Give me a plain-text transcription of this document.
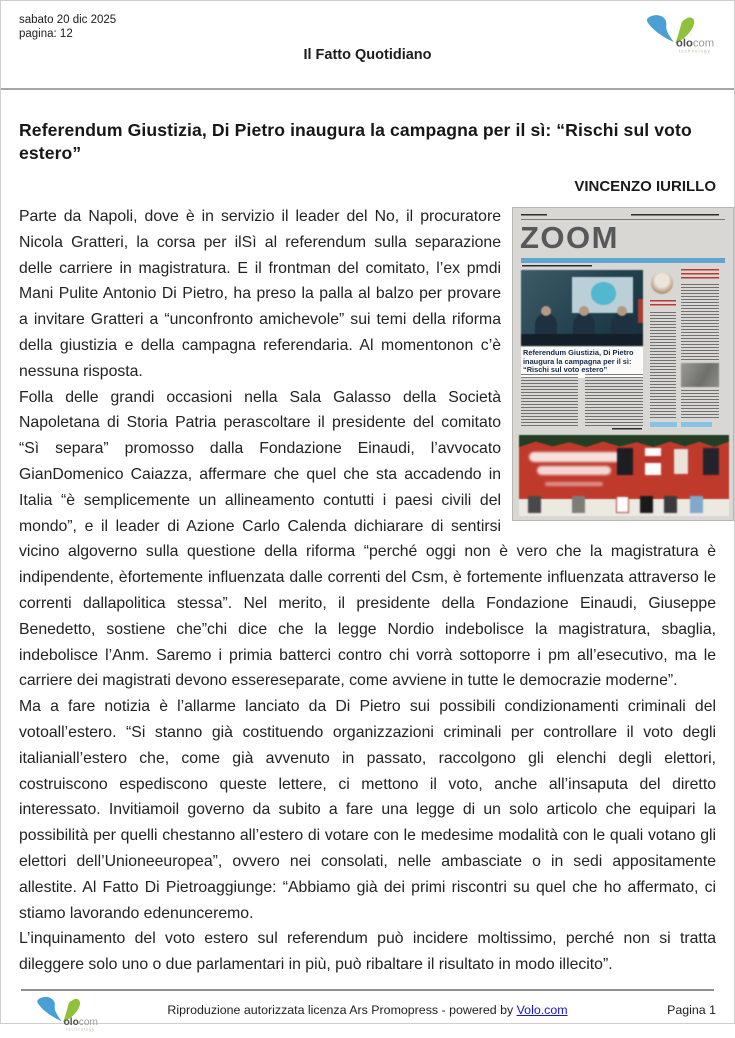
sabato 20 dic 2025
pagina: 12
Il Fatto Quotidiano
olocom
technology
Referendum Giustizia, Di Pietro inaugura la campagna per il sì: “Rischi sul voto estero”
VINCENZO IURILLO
ZOOM
Referendum Giustizia, Di Pietro inaugura la campagna per il sì: “Rischi sul voto estero”

Parte da Napoli, dove è in servizio il leader del No, il procuratore Nicola Gratteri, la corsa per ilSì al referendum sulla separazione delle carriere in magistratura. E il frontman del comitato, l’ex pmdi Mani Pulite Antonio Di Pietro, ha preso la palla al balzo per provare a invitare Gratteri a “unconfronto amichevole” sui temi della riforma della giustizia e della campagna referendaria. Al momentonon c’è nessuna risposta.

Folla delle grandi occasioni nella Sala Galasso della Società Napoletana di Storia Patria perascoltare il presidente del comitato “Sì separa” promosso dalla Fondazione Einaudi, l’avvocato GianDomenico Caiazza, affermare che quel che sta accadendo in Italia “è semplicemente un allineamento contutti i paesi civili del mondo”, e il leader di Azione Carlo Calenda dichiarare di sentirsi vicino algoverno sulla questione della riforma “perché oggi non è vero che la magistratura è indipendente, èfortemente influenzata dalle correnti del Csm, è fortemente influenzata attraverso le correnti dallapolitica stessa”. Nel merito, il presidente della Fondazione Einaudi, Giuseppe Benedetto, sostiene che”chi dice che la legge Nordio indebolisce la magistratura, sbaglia, indebolisce l’Anm. Saremo i primia batterci contro chi vorrà sottoporre i pm all’esecutivo, ma le carriere dei magistrati devono essereseparate, come avviene in tutte le democrazie moderne”.

Ma a fare notizia è l’allarme lanciato da Di Pietro sui possibili condizionamenti criminali del votoall’estero. “Si stanno già costituendo organizzazioni criminali per controllare il voto degli italianiall’estero che, come già avvenuto in passato, raccolgono gli elenchi degli elettori, costruiscono espediscono queste lettere, ci mettono il voto, anche all’insaputa del diretto interessato. Invitiamoil governo da subito a fare una legge di un solo articolo che equipari la possibilità per quelli chestanno all’estero di votare con le medesime modalità con le quali votano gli elettori dell’Unioneeuropea”, ovvero nei consolati, nelle ambasciate o in sedi appositamente allestite. Al Fatto Di Pietroaggiunge: “Abbiamo già dei primi riscontri su quel che ho affermato, ci stiamo lavorando edenunceremo.

L’inquinamento del voto estero sul referendum può incidere moltissimo, perché non si tratta dileggere solo uno o due parlamentari in più, può ribaltare il risultato in modo illecito”.

olocom
technology
Riproduzione autorizzata licenza Ars Promopress - powered by Volo.com	Pagina 1
